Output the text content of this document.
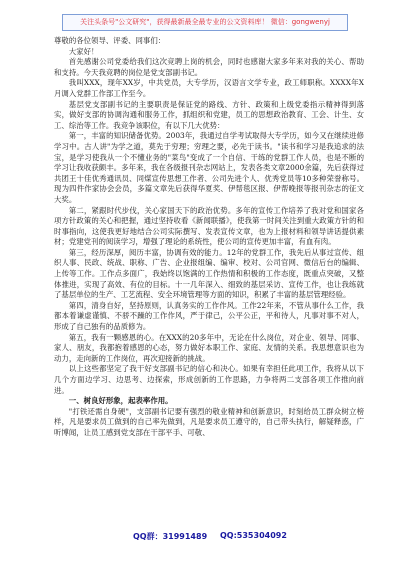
关注头条号"公文研究"，获得最新最全最专业的公文资料库！ 微信：gongwenyj

尊敬的各位领导、评委、同事们：

大家好！

首先感谢公司党委给我们这次竞聘上岗的机会，同时也感谢大家多年来对我的关心、帮助和支持。今天我竞聘的岗位是党支部副书记。

我叫XXX，现年XX岁，中共党员，大专学历，汉语言文学专业，政工师职称。XXXX年X月调入党群工作部工作至今。

基层党支部副书记的主要职责是保证党的路线、方针、政策和上级党委指示精神得到落实，做好支部的协调沟通和服务工作，抓组织和党建，员工的思想政治教育、工会、计生、女工、综治等工作。我竞争该职位，有以下几大优势：

第一，丰富的知识储备优势。2003年，我通过自学考试取得大专学历，如今又在继续进修学习中。古人讲"为学之道，莫先于穷理；穷理之要，必先于读书。"读书和学习是我追求的法宝，是学习使我从一个不懂业务的"菜鸟"变成了一个自信、干练的党群工作人员，也是不断的学习让我收获颇丰。多年来，我在各级报刊杂志网站上，发表各类文章2000余篇，先后获得过共团王十佳优秀通讯员、同煤宣传思想工作者、公司先进个人、优秀党员等10多种荣誉称号。现为四件作家协会会员，多篇文章先后获得华夏奖、伊帮毯区报、伊帮晚报等报刊杂志的征文大奖。

第二，紧跟时代步伐，关心家国天下的政治优势。多年的宣传工作培养了我对党和国家各项方针政策的关心和把握，通过坚持收看《新闻联播》，使我第一时间关注到重大政策方针的和时事指向，这使我更好地结合公司实际撰写、发表宣传文章，也为上报材料和领导讲话提供素材；党建党刊的阅读学习，增强了理论的系统性，使公司的宣传更加丰富，有血有肉。

第三，经历深厚，阅历丰富，协调有效的能力。12年的党群工作，我先后从事过宣传、组织人事、民政、统战、职称、广告、企业报组编、编审、校对、公司官网、微信后台的编辑、上传等工作。工作点多面广，我始终以饱满的工作热情和积极的工作态度，既重点突破，又整体推进，实现了高效、有位的目标。十一几年深入、细致的基层采访、宣传工作，也让我练就了基层单位的生产、工艺流程、安全环境管理等方面的知识，积累了丰富的基层管理经验。

第四，清身自好，坚持原则，认真务实的工作作风。工作22年来，不管从事什么工作，我都本着谦虚谨慎、不骄不躁的工作作风，严于律己，公平公正，平和待人，凡事对事不对人，形成了自己独有的品质修为。

第五，我有一颗感恩的心。在XXX的20多年中，无论在什么岗位，对企业、领导、同事、家人、朋友，我都抱着感恩的心态，努力做好本职工作、家庭、友情的关系。我思想意识也为动力，走向新的工作岗位，再次迎接新的挑战。

以上这些都坚定了我干好支部副书记的信心和决心。如果有幸担任此项工作，我将从以下几个方面边学习、边思考、边探索，形成创新的工作思路，力争将两二支部各项工作推向前进。

一、树良好形象，起表率作用。

"打铁还需自身硬"，支部副书记要有强烈的敬业精神和创新意识，时刻给员工群众树立榜样，凡是要求员工做到的自己率先做到，凡是要求员工遵守的，自己带头执行，解疑释惑，广听博闻，让员工感到党支部在干部平手、可敬、

QQ群：31991489 QQ:535304092
